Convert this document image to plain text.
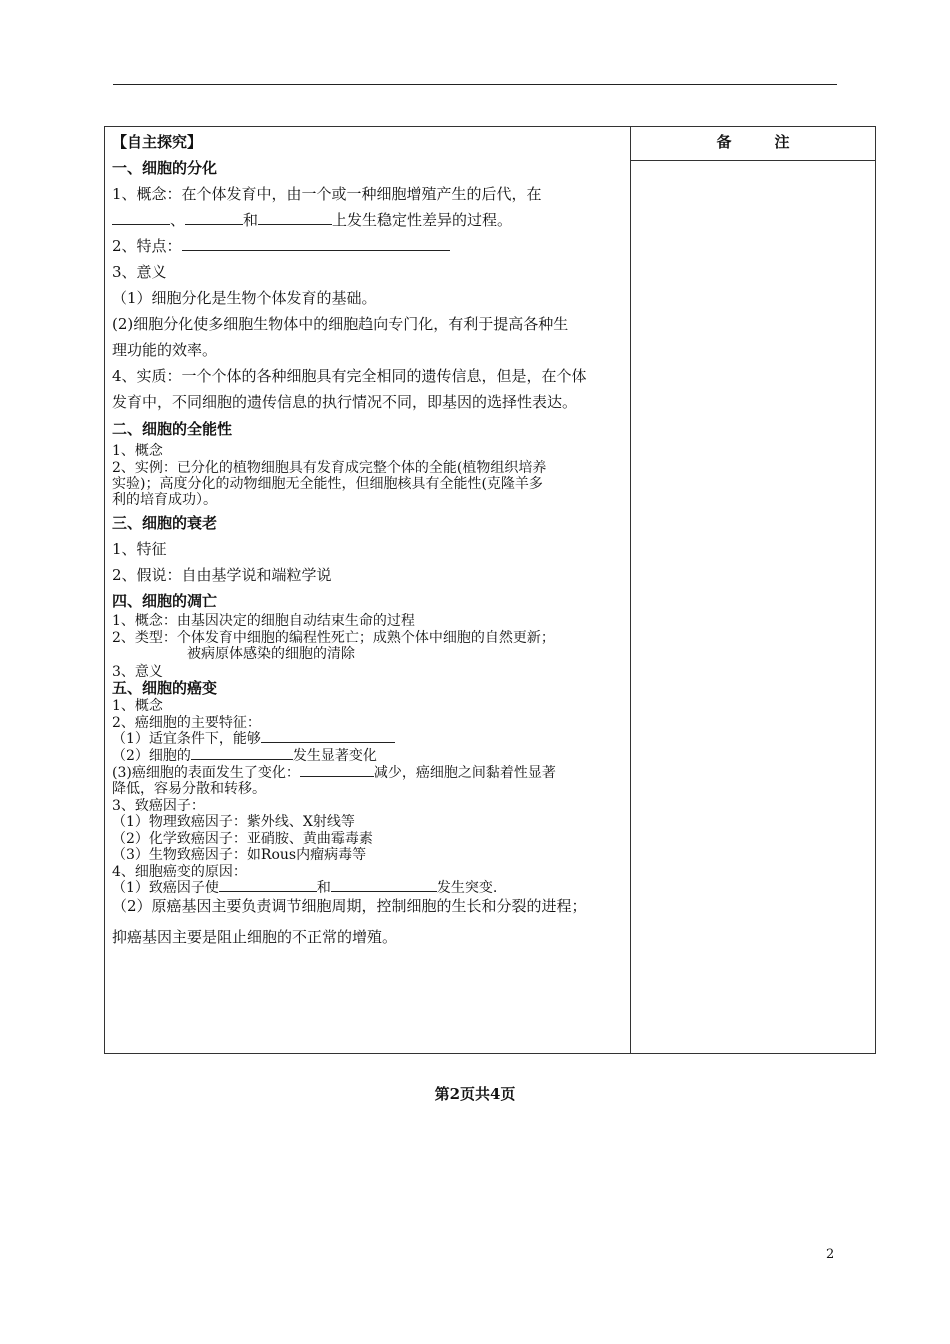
备　注
【自主探究】
一、细胞的分化
1、概念：在个体发育中，由一个或一种细胞增殖产生的后代，在
、	和	上发生稳定性差异的过程。
2、特点：
3、意义
（1）细胞分化是生物个体发育的基础。
(2)细胞分化使多细胞生物体中的细胞趋向专门化，有利于提高各种生
理功能的效率。
4、实质：一个个体的各种细胞具有完全相同的遗传信息，但是，在个体
发育中，不同细胞的遗传信息的执行情况不同，即基因的选择性表达。
二、细胞的全能性
1、概念
2、实例：已分化的植物细胞具有发育成完整个体的全能(植物组织培养
实验)；高度分化的动物细胞无全能性，但细胞核具有全能性(克隆羊多
利的培育成功）。
三、细胞的衰老
1、特征
2、假说：自由基学说和端粒学说
四、细胞的凋亡
1、概念：由基因决定的细胞自动结束生命的过程
2、类型：个体发育中细胞的编程性死亡；成熟个体中细胞的自然更新；
被病原体感染的细胞的清除
3、意义
五、细胞的癌变
1、概念
2、癌细胞的主要特征：
（1）适宜条件下，能够
（2）细胞的	发生显著变化
(3)癌细胞的表面发生了变化：	减少，癌细胞之间黏着性显著
降低，容易分散和转移。
3、致癌因子：
（1）物理致癌因子：紫外线、X射线等
（2）化学致癌因子：亚硝胺、黄曲霉毒素
（3）生物致癌因子：如Rous内瘤病毒等
4、细胞癌变的原因：
（1）致癌因子使	和	发生突变.
（2）原癌基因主要负责调节细胞周期，控制细胞的生长和分裂的进程；
抑癌基因主要是阻止细胞的不正常的增殖。
第2页共4页
2
